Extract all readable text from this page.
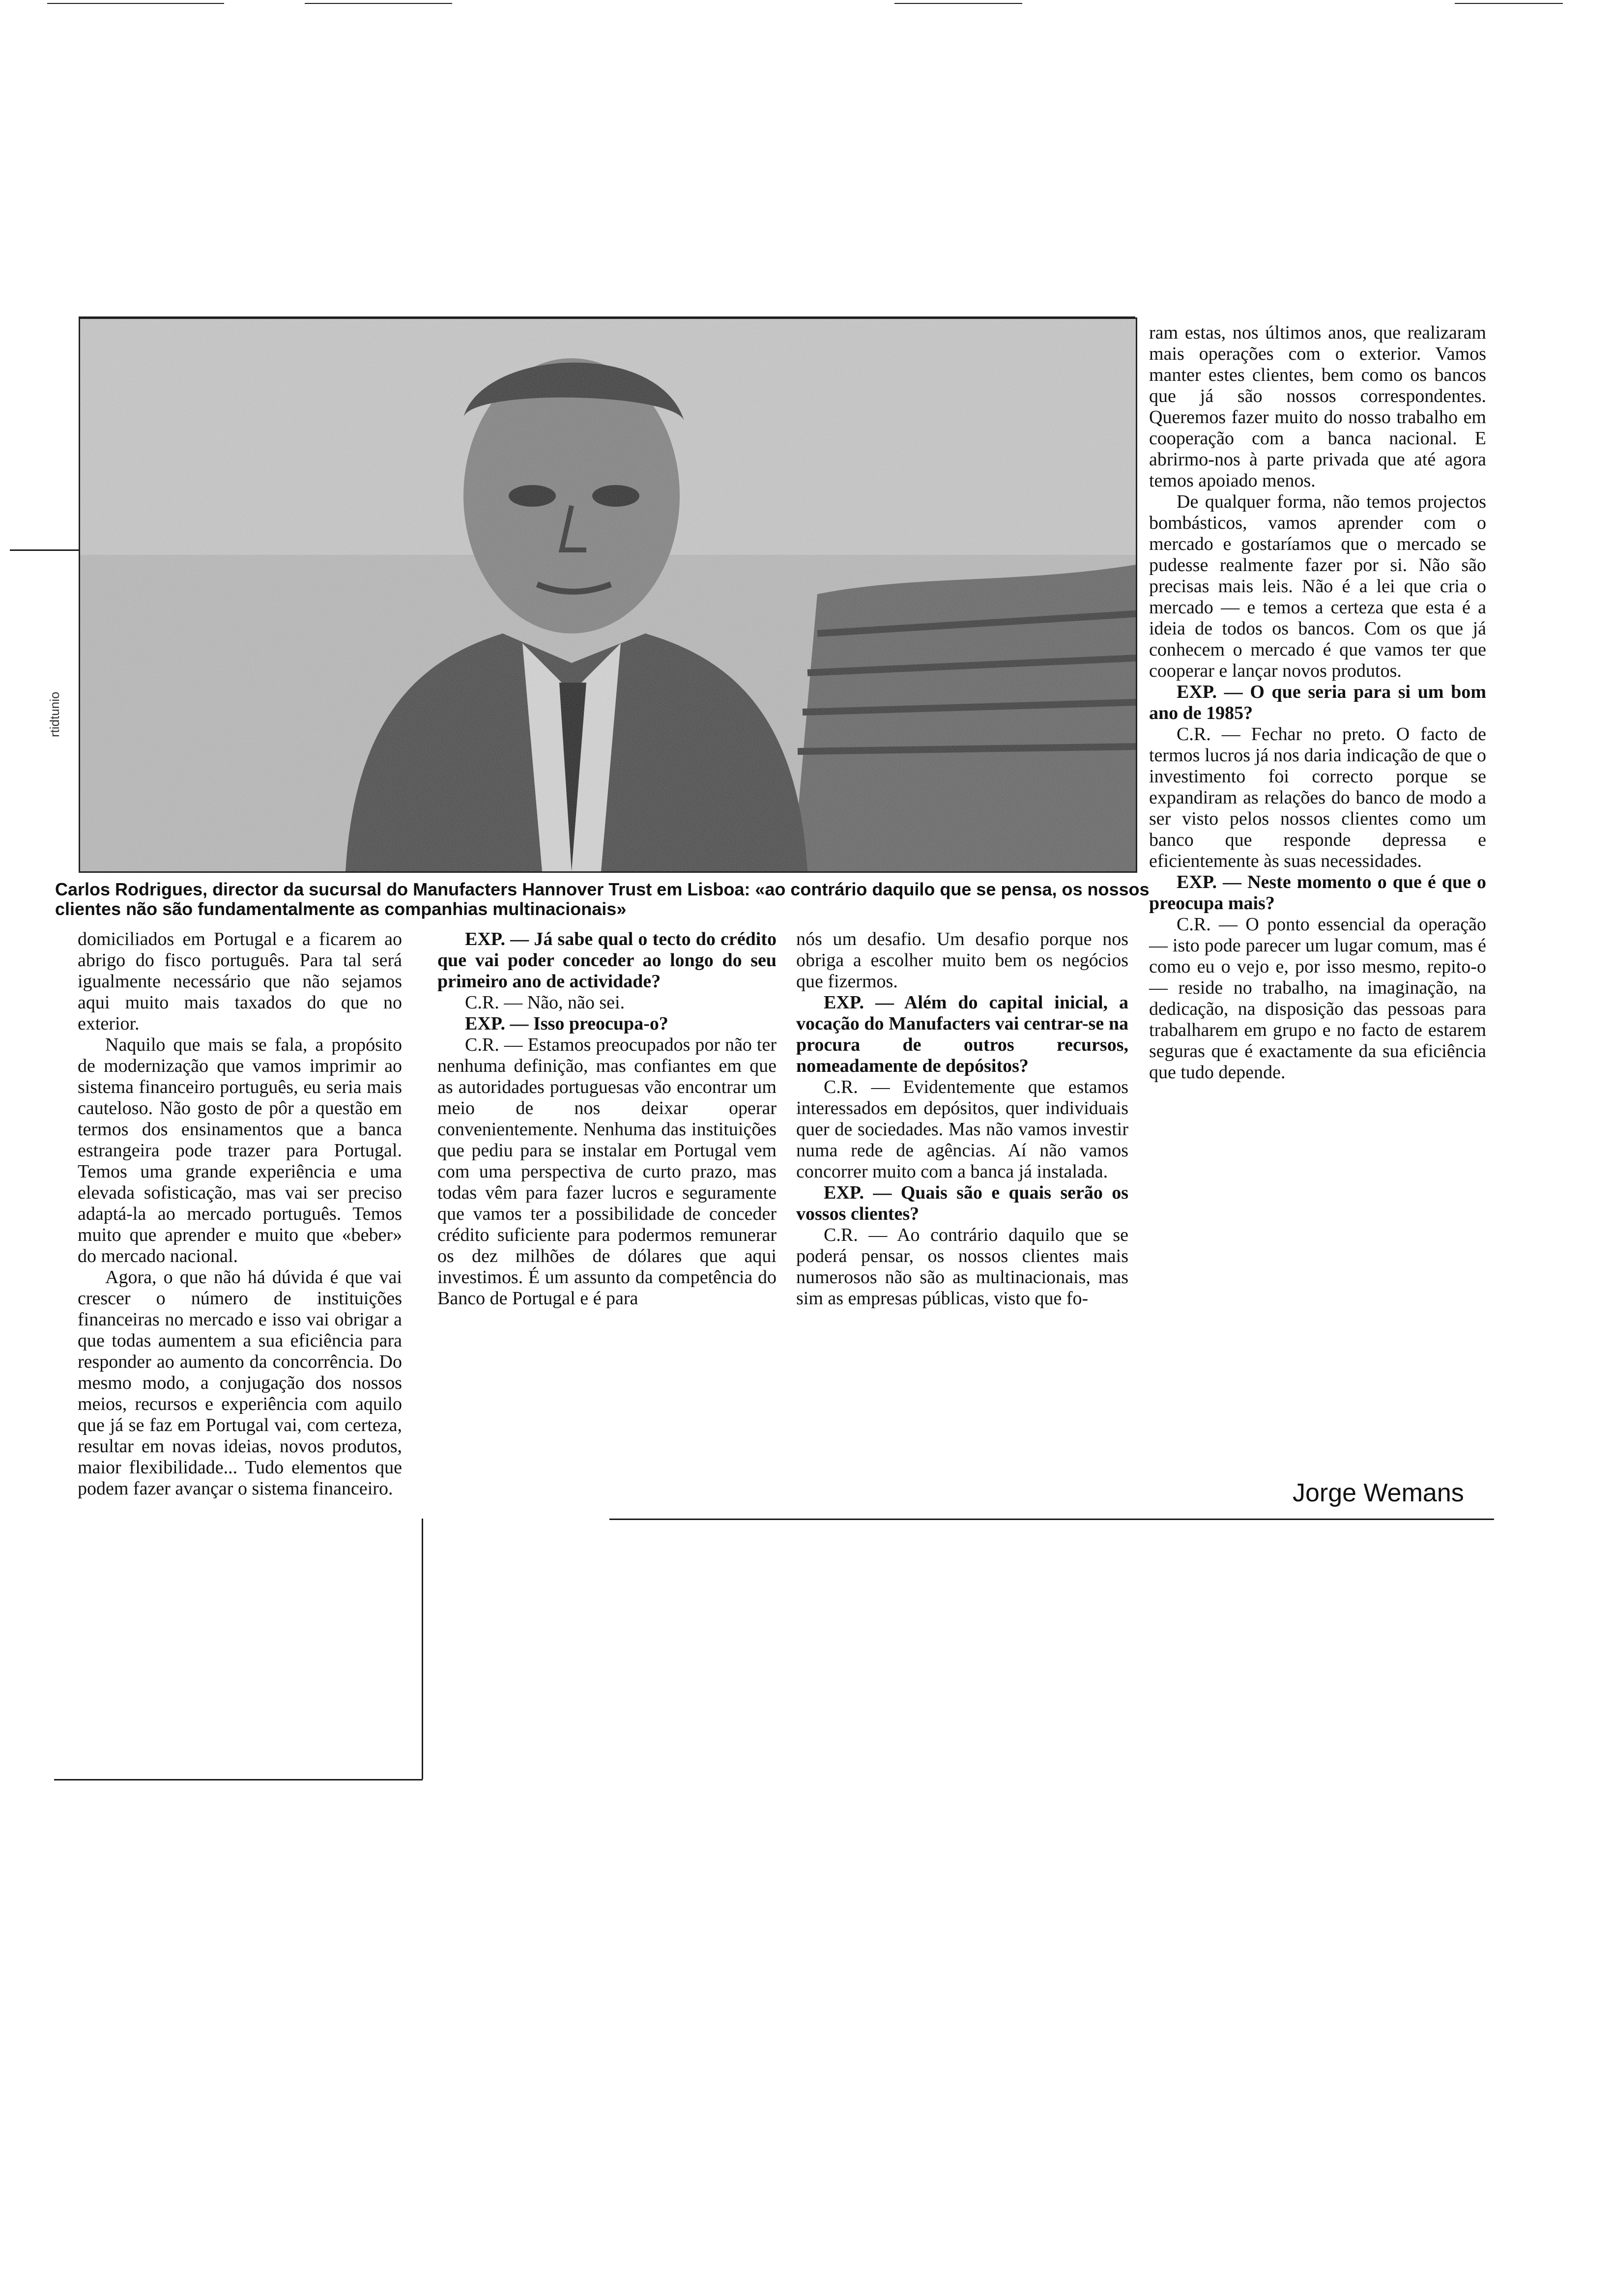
Carlos Rodrigues, director da sucursal do Manufacters Hannover Trust em Lisboa: «ao contrário daquilo que se pensa, os nossos clientes não são fundamentalmente as companhias multinacionais»

ram estas, nos últimos anos, que realizaram mais operações com o exterior. Vamos manter estes clientes, bem como os bancos que já são nossos correspondentes. Queremos fazer muito do nosso trabalho em cooperação com a banca nacional. E abrirmo-nos à parte privada que até agora temos apoiado menos.

De qualquer forma, não temos projectos bombásticos, vamos aprender com o mercado e gostaríamos que o mercado se pudesse realmente fazer por si. Não são precisas mais leis. Não é a lei que cria o mercado — e temos a certeza que esta é a ideia de todos os bancos. Com os que já conhecem o mercado é que vamos ter que cooperar e lançar novos produtos.

EXP. — O que seria para si um bom ano de 1985?

C.R. — Fechar no preto. O facto de termos lucros já nos daria indicação de que o investimento foi correcto porque se expandiram as relações do banco de modo a ser visto pelos nossos clientes como um banco que responde depressa e eficientemente às suas necessidades.

EXP. — Neste momento o que é que o preocupa mais?

C.R. — O ponto essencial da operação — isto pode parecer um lugar comum, mas é como eu o vejo e, por isso mesmo, repito-o — reside no trabalho, na imaginação, na dedicação, na disposição das pessoas para trabalharem em grupo e no facto de estarem seguras que é exactamente da sua eficiência que tudo depende.

domiciliados em Portugal e a ficarem ao abrigo do fisco português. Para tal será igualmente necessário que não sejamos aqui muito mais taxados do que no exterior.

Naquilo que mais se fala, a propósito de modernização que vamos imprimir ao sistema financeiro português, eu seria mais cauteloso. Não gosto de pôr a questão em termos dos ensinamentos que a banca estrangeira pode trazer para Portugal. Temos uma grande experiência e uma elevada sofisticação, mas vai ser preciso adaptá-la ao mercado português. Temos muito que aprender e muito que «beber» do mercado nacional.

Agora, o que não há dúvida é que vai crescer o número de instituições financeiras no mercado e isso vai obrigar a que todas aumentem a sua eficiência para responder ao aumento da concorrência. Do mesmo modo, a conjugação dos nossos meios, recursos e experiência com aquilo que já se faz em Portugal vai, com certeza, resultar em novas ideias, novos produtos, maior flexibilidade... Tudo elementos que podem fazer avançar o sistema financeiro.

EXP. — Já sabe qual o tecto do crédito que vai poder conceder ao longo do seu primeiro ano de actividade?

C.R. — Não, não sei.

EXP. — Isso preocupa-o?

C.R. — Estamos preocupados por não ter nenhuma definição, mas confiantes em que as autoridades portuguesas vão encontrar um meio de nos deixar operar convenientemente. Nenhuma das instituições que pediu para se instalar em Portugal vem com uma perspectiva de curto prazo, mas todas vêm para fazer lucros e seguramente que vamos ter a possibilidade de conceder crédito suficiente para podermos remunerar os dez milhões de dólares que aqui investimos. É um assunto da competência do Banco de Portugal e é para

nós um desafio. Um desafio porque nos obriga a escolher muito bem os negócios que fizermos.

EXP. — Além do capital inicial, a vocação do Manufacters vai centrar-se na procura de outros recursos, nomeadamente de depósitos?

C.R. — Evidentemente que estamos interessados em depósitos, quer individuais quer de sociedades. Mas não vamos investir numa rede de agências. Aí não vamos concorrer muito com a banca já instalada.

EXP. — Quais são e quais serão os vossos clientes?

C.R. — Ao contrário daquilo que se poderá pensar, os nossos clientes mais numerosos não são as multinacionais, mas sim as empresas públicas, visto que fo-

Jorge Wemans
rtidtunio
